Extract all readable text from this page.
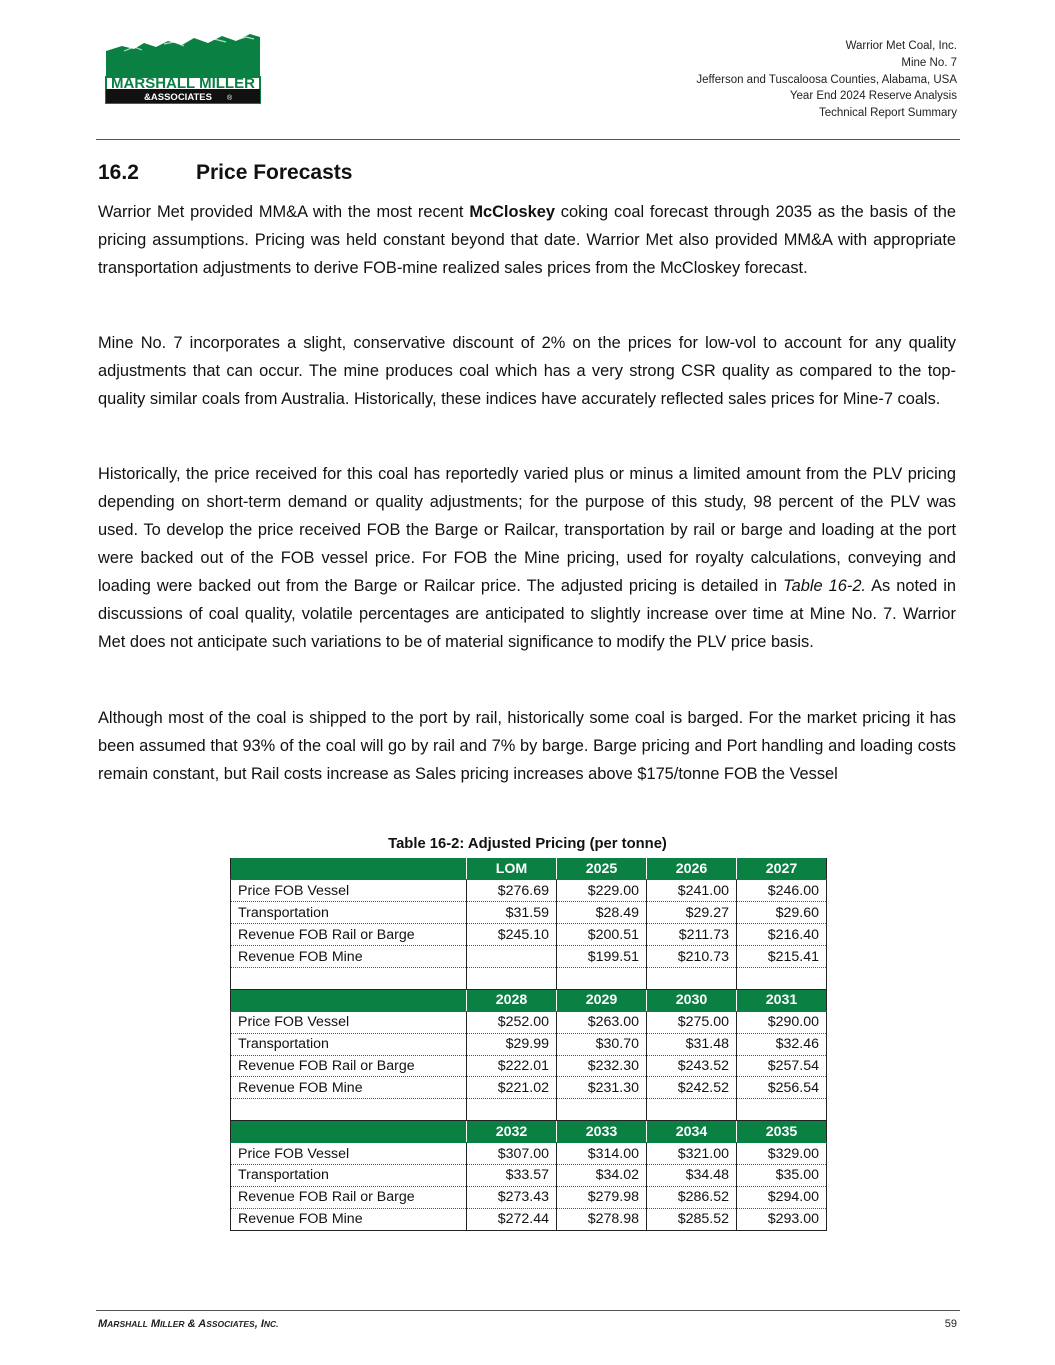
MARSHALL MILLER
&ASSOCIATES ®
Warrior Met Coal, Inc.
Mine No. 7
Jefferson and Tuscaloosa Counties, Alabama, USA
Year End 2024 Reserve Analysis
Technical Report Summary
16.2	Price Forecasts

Warrior Met provided MM&A with the most recent McCloskey coking coal forecast through 2035 as the basis of the pricing assumptions. Pricing was held constant beyond that date. Warrior Met also provided MM&A with appropriate transportation adjustments to derive FOB-mine realized sales prices from the McCloskey forecast.

Mine No. 7 incorporates a slight, conservative discount of 2% on the prices for low-vol to account for any quality adjustments that can occur. The mine produces coal which has a very strong CSR quality as compared to the top-quality similar coals from Australia. Historically, these indices have accurately reflected sales prices for Mine-7 coals.

Historically, the price received for this coal has reportedly varied plus or minus a limited amount from the PLV pricing depending on short-term demand or quality adjustments; for the purpose of this study, 98 percent of the PLV was used. To develop the price received FOB the Barge or Railcar, transportation by rail or barge and loading at the port were backed out of the FOB vessel price. For FOB the Mine pricing, used for royalty calculations, conveying and loading were backed out from the Barge or Railcar price. The adjusted pricing is detailed in Table 16-2. As noted in discussions of coal quality, volatile percentages are anticipated to slightly increase over time at Mine No. 7. Warrior Met does not anticipate such variations to be of material significance to modify the PLV price basis.

Although most of the coal is shipped to the port by rail, historically some coal is barged. For the market pricing it has been assumed that 93% of the coal will go by rail and 7% by barge. Barge pricing and Port handling and loading costs remain constant, but Rail costs increase as Sales pricing increases above $175/tonne FOB the Vessel

Table 16-2: Adjusted Pricing (per tonne)
	LOM	2025	2026	2027
Price FOB Vessel	$276.69	$229.00	$241.00	$246.00
Transportation	$31.59	$28.49	$29.27	$29.60
Revenue FOB Rail or Barge	$245.10	$200.51	$211.73	$216.40
Revenue FOB Mine		$199.51	$210.73	$215.41

	2028	2029	2030	2031
Price FOB Vessel	$252.00	$263.00	$275.00	$290.00
Transportation	$29.99	$30.70	$31.48	$32.46
Revenue FOB Rail or Barge	$222.01	$232.30	$243.52	$257.54
Revenue FOB Mine	$221.02	$231.30	$242.52	$256.54

	2032	2033	2034	2035
Price FOB Vessel	$307.00	$314.00	$321.00	$329.00
Transportation	$33.57	$34.02	$34.48	$35.00
Revenue FOB Rail or Barge	$273.43	$279.98	$286.52	$294.00
Revenue FOB Mine	$272.44	$278.98	$285.52	$293.00
MARSHALL MILLER & ASSOCIATES, INC.	59
